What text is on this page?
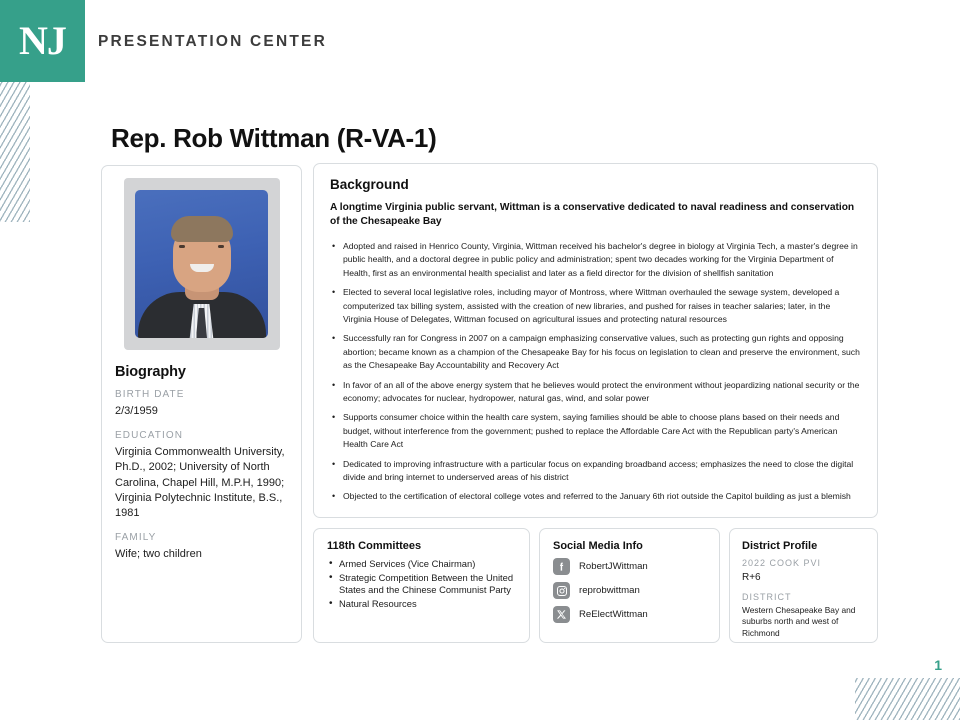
NJ PRESENTATION CENTER
Rep. Rob Wittman (R-VA-1)
Biography
BIRTH DATE
2/3/1959
EDUCATION
Virginia Commonwealth University, Ph.D., 2002; University of North Carolina, Chapel Hill, M.P.H, 1990; Virginia Polytechnic Institute, B.S., 1981
FAMILY
Wife; two children
Background
A longtime Virginia public servant, Wittman is a conservative dedicated to naval readiness and conservation of the Chesapeake Bay
• Adopted and raised in Henrico County, Virginia, Wittman received his bachelor's degree in biology at Virginia Tech, a master's degree in public health, and a doctoral degree in public policy and administration; spent two decades working for the Virginia Department of Health, first as an environmental health specialist and later as a field director for the division of shellfish sanitation
• Elected to several local legislative roles, including mayor of Montross, where Wittman overhauled the sewage system, developed a computerized tax billing system, assisted with the creation of new libraries, and pushed for raises in teacher salaries; later, in the Virginia House of Delegates, Wittman focused on agricultural issues and protecting natural resources
• Successfully ran for Congress in 2007 on a campaign emphasizing conservative values, such as protecting gun rights and opposing abortion; became known as a champion of the Chesapeake Bay for his focus on legislation to clean and preserve the environment, such as the Chesapeake Bay Accountability and Recovery Act
• In favor of an all of the above energy system that he believes would protect the environment without jeopardizing national security or the economy; advocates for nuclear, hydropower, natural gas, wind, and solar power
• Supports consumer choice within the health care system, saying families should be able to choose plans based on their needs and budget, without interference from the government; pushed to replace the Affordable Care Act with the Republican party's American Health Care Act
• Dedicated to improving infrastructure with a particular focus on expanding broadband access; emphasizes the need to close the digital divide and bring internet to underserved areas of his district
• Objected to the certification of electoral college votes and referred to the January 6th riot outside the Capitol building as just a blemish
118th Committees
• Armed Services (Vice Chairman)
• Strategic Competition Between the United States and the Chinese Communist Party
• Natural Resources
Social Media Info
RobertJWittman
reprobwittman
ReElectWittman
District Profile
2022 COOK PVI
R+6
DISTRICT
Western Chesapeake Bay and suburbs north and west of Richmond
1
